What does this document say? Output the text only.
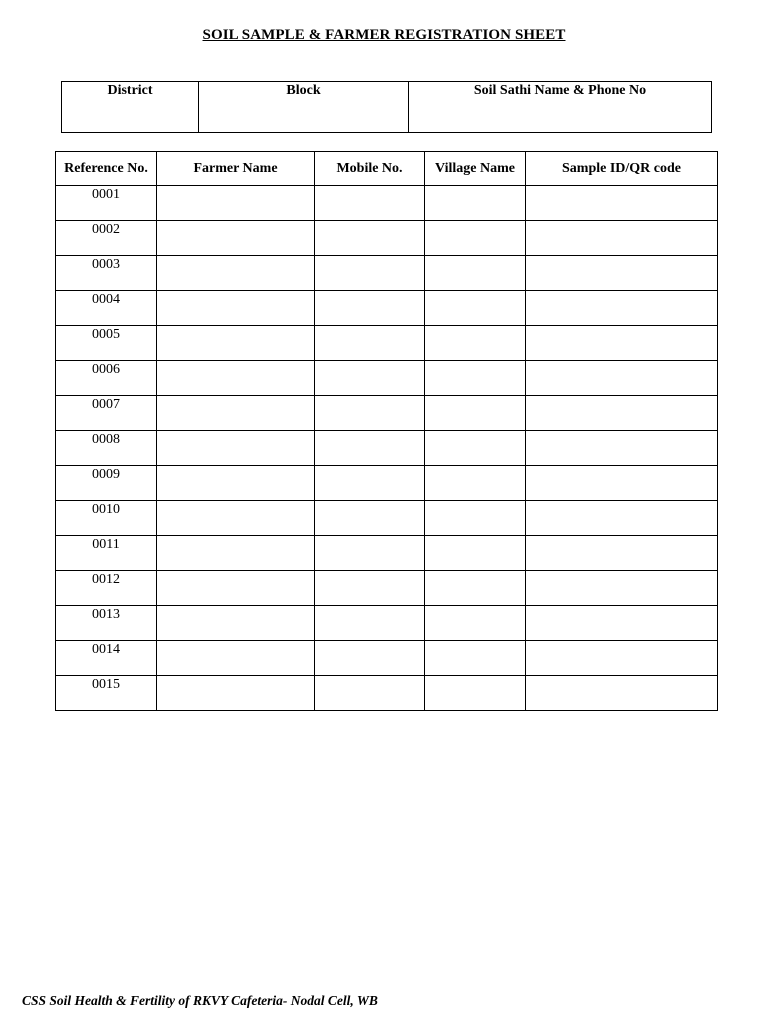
SOIL SAMPLE & FARMER REGISTRATION SHEET
District	Block	Soil Sathi Name & Phone No
Reference No.	Farmer Name	Mobile No.	Village Name	Sample ID/QR code
0001				
0002				
0003				
0004				
0005				
0006				
0007				
0008				
0009				
0010				
0011				
0012				
0013				
0014				
0015				
CSS Soil Health & Fertility of RKVY Cafeteria- Nodal Cell, WB
